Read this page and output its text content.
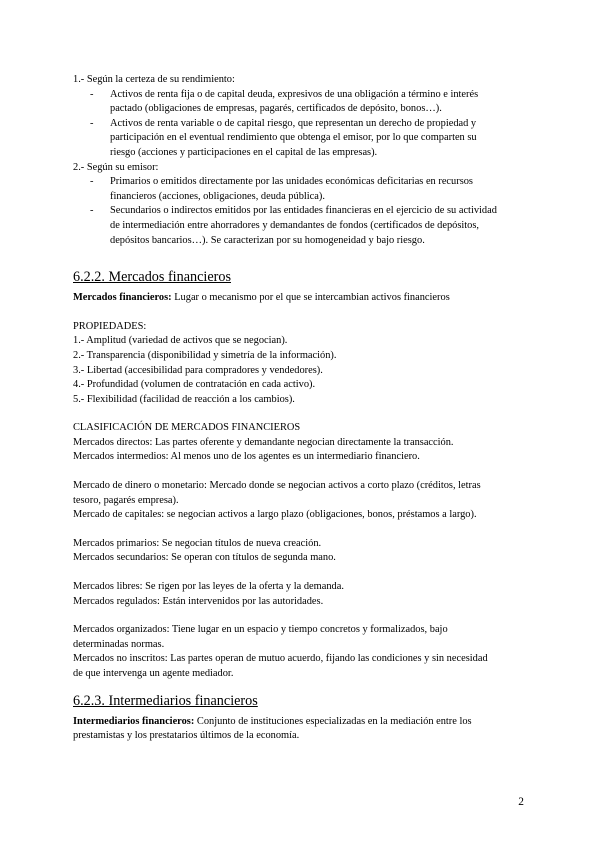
1.- Según la certeza de su rendimiento:
- Activos de renta fija o de capital deuda, expresivos de una obligación a término e interés
pactado (obligaciones de empresas, pagarés, certificados de depósito, bonos…).
- Activos de renta variable o de capital riesgo, que representan un derecho de propiedad y
participación en el eventual rendimiento que obtenga el emisor, por lo que comparten su
riesgo (acciones y participaciones en el capital de las empresas).
2.- Según su emisor:
- Primarios o emitidos directamente por las unidades económicas deficitarias en recursos
financieros (acciones, obligaciones, deuda pública).
- Secundarios o indirectos emitidos por las entidades financieras en el ejercicio de su actividad
de intermediación entre ahorradores y demandantes de fondos (certificados de depósitos,
depósitos bancarios…). Se caracterizan por su homogeneidad y bajo riesgo.
6.2.2. Mercados financieros
Mercados financieros: Lugar o mecanismo por el que se intercambian activos financieros
PROPIEDADES:
1.- Amplitud (variedad de activos que se negocian).
2.- Transparencia (disponibilidad y simetría de la información).
3.- Libertad (accesibilidad para compradores y vendedores).
4.- Profundidad (volumen de contratación en cada activo).
5.- Flexibilidad (facilidad de reacción a los cambios).
CLASIFICACIÓN DE MERCADOS FINANCIEROS
Mercados directos: Las partes oferente y demandante negocian directamente la transacción.
Mercados intermedios: Al menos uno de los agentes es un intermediario financiero.
Mercado de dinero o monetario: Mercado donde se negocian activos a corto plazo (créditos, letras
tesoro, pagarés empresa).
Mercado de capitales: se negocian activos a largo plazo (obligaciones, bonos, préstamos a largo).
Mercados primarios: Se negocian títulos de nueva creación.
Mercados secundarios: Se operan con títulos de segunda mano.
Mercados libres: Se rigen por las leyes de la oferta y la demanda.
Mercados regulados: Están intervenidos por las autoridades.
Mercados organizados: Tiene lugar en un espacio y tiempo concretos y formalizados, bajo
determinadas normas.
Mercados no inscritos: Las partes operan de mutuo acuerdo, fijando las condiciones y sin necesidad
de que intervenga un agente mediador.
6.2.3. Intermediarios financieros
Intermediarios financieros: Conjunto de instituciones especializadas en la mediación entre los
prestamistas y los prestatarios últimos de la economía.
2
